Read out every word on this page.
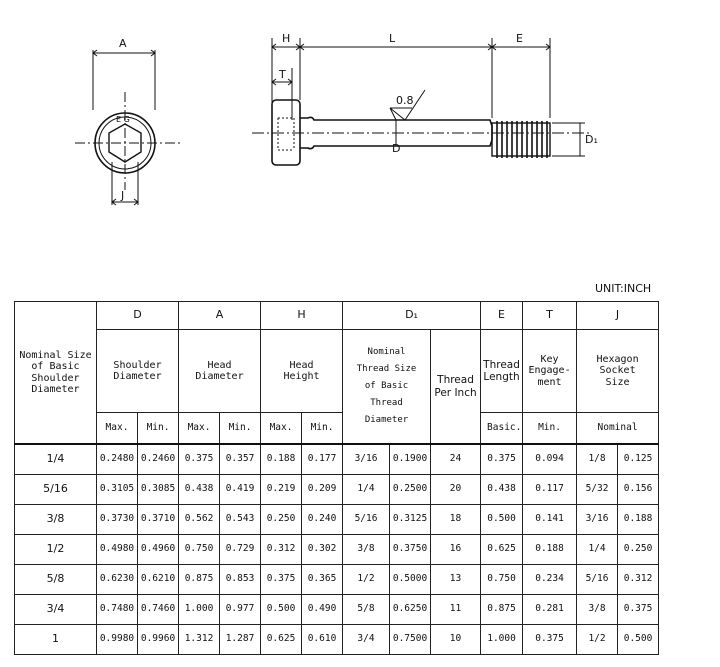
A
J
E G
H	L	E
T
0.8
D
D₁
UNIT:INCH
Nominal Size of Basic Shoulder Diameter	D		A		H		D₁			E	T	J	
	Shoulder Diameter		Head Diameter		Head Height		Nominal Thread Size of Basic Thread Diameter		Thread Per Inch	Thread Length	Key Engage-ment	Hexagon Socket Size	
	Max.	Min.	Max.	Min.	Max.	Min.				Basic.	Min.	Nominal	
1/4	0.2480	0.2460	0.375	0.357	0.188	0.177	3/16	0.1900	24	0.375	0.094	1/8	0.125
5/16	0.3105	0.3085	0.438	0.419	0.219	0.209	1/4	0.2500	20	0.438	0.117	5/32	0.156
3/8	0.3730	0.3710	0.562	0.543	0.250	0.240	5/16	0.3125	18	0.500	0.141	3/16	0.188
1/2	0.4980	0.4960	0.750	0.729	0.312	0.302	3/8	0.3750	16	0.625	0.188	1/4	0.250
5/8	0.6230	0.6210	0.875	0.853	0.375	0.365	1/2	0.5000	13	0.750	0.234	5/16	0.312
3/4	0.7480	0.7460	1.000	0.977	0.500	0.490	5/8	0.6250	11	0.875	0.281	3/8	0.375
1	0.9980	0.9960	1.312	1.287	0.625	0.610	3/4	0.7500	10	1.000	0.375	1/2	0.500
